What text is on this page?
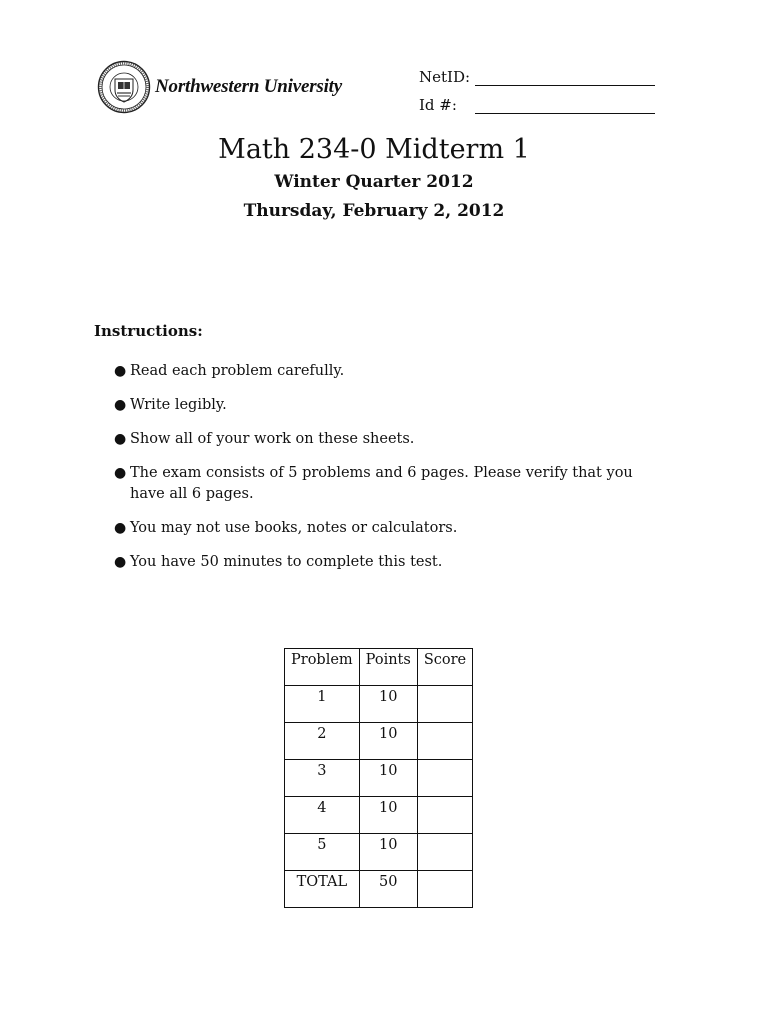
Northwestern University	NetID:
Id #:
Math 234-0 Midterm 1
Winter Quarter 2012
Thursday, February 2, 2012
Instructions:
● Read each problem carefully.
● Write legibly.
● Show all of your work on these sheets.
● The exam consists of 5 problems and 6 pages. Please verify that you have all 6 pages.
● You may not use books, notes or calculators.
● You have 50 minutes to complete this test.
Problem	Points	Score
1	10	
2	10	
3	10	
4	10	
5	10	
TOTAL	50	
